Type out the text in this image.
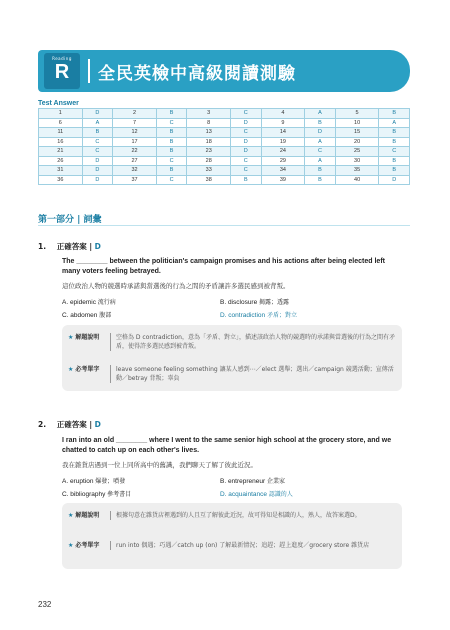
Reading
R	全民英檢中高級閱讀測驗
Test Answer
1	D	2	B	3	C	4	A	5	B
6	A	7	C	8	D	9	B	10	A
11	B	12	B	13	C	14	D	15	B
16	C	17	B	18	D	19	A	20	B
21	C	22	B	23	D	24	C	25	C
26	D	27	C	28	C	29	A	30	B
31	D	32	B	33	C	34	B	35	B
36	D	37	C	38	B	39	B	40	D
第一部分 | 詞彙
1. 正確答案 | D
The ________ between the politician's campaign promises and his actions after being elected left many voters feeling betrayed.
這位政治人物的競選時承諾與當選後的行為之間的矛盾讓許多選民感到被背叛。
A. epidemic 流行病	B. disclosure 揭露；透露
C. abdomen 腹部	D. contradiction 矛盾；對立
★ 解題說明	空格為 D contradiction，意為「矛盾、對立」，描述該政治人物的競選時的承諾與當選後的行為之間有矛盾，使得許多選民感到被背叛。
★ 必考單字	leave someone feeling something 讓某人感到⋯／elect 選舉；選出／campaign 競選活動；宣傳活動／betray 背叛；辜負
2. 正確答案 | D
I ran into an old ________ where I went to the same senior high school at the grocery store, and we chatted to catch up on each other's lives.
我在雜貨店遇到一位上同所高中的舊識，我們聊天了解了彼此近況。
A. eruption 爆發；噴發	B. entrepreneur 企業家
C. bibliography 參考書目	D. acquaintance 認識的人
★ 解題說明	根據句意在雜貨店裡遇到的人且互了解彼此近況，故可得知是相識的人，熟人，故答案選D。
★ 必考單字	run into 偶遇；巧遇／catch up (on) 了解最新情況；追趕；趕上進度／grocery store 雜貨店
232
